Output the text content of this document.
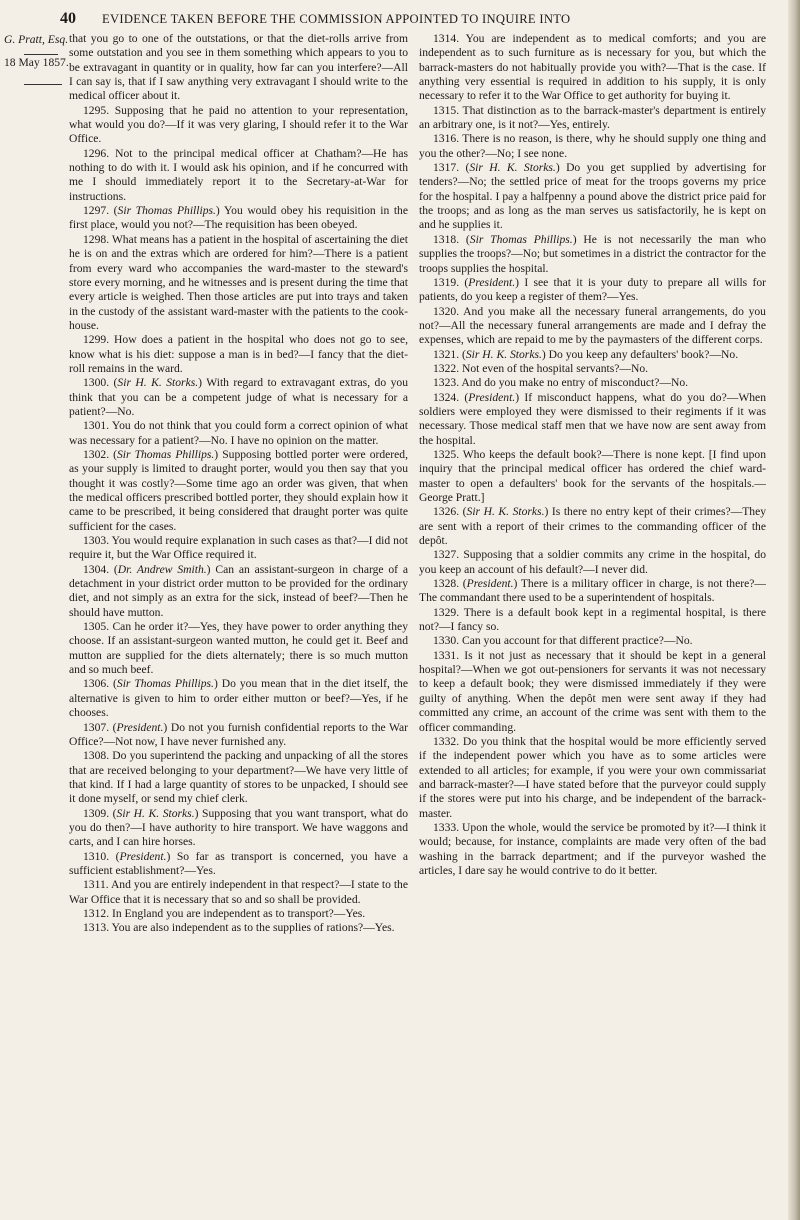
40 EVIDENCE TAKEN BEFORE THE COMMISSION APPOINTED TO INQUIRE INTO
G. Pratt, Esq.
18 May 1857.

that you go to one of the outstations, or that the diet-rolls arrive from some outstation and you see in them something which appears to you to be extravagant in quantity or in quality, how far can you interfere?—All I can say is, that if I saw anything very extravagant I should write to the medical officer about it.

1295. Supposing that he paid no attention to your representation, what would you do?—If it was very glaring, I should refer it to the War Office.

1296. Not to the principal medical officer at Chatham?—He has nothing to do with it. I would ask his opinion, and if he concurred with me I should immediately report it to the Secretary-at-War for instructions.

1297. (Sir Thomas Phillips.) You would obey his requisition in the first place, would you not?—The requisition has been obeyed.

1298. What means has a patient in the hospital of ascertaining the diet he is on and the extras which are ordered for him?—There is a patient from every ward who accompanies the ward-master to the steward's store every morning, and he witnesses and is present during the time that every article is weighed. Then those articles are put into trays and taken in the custody of the assistant ward-master with the patients to the cook-house.

1299. How does a patient in the hospital who does not go to see, know what is his diet: suppose a man is in bed?—I fancy that the diet-roll remains in the ward.

1300. (Sir H. K. Storks.) With regard to extravagant extras, do you think that you can be a competent judge of what is necessary for a patient?—No.

1301. You do not think that you could form a correct opinion of what was necessary for a patient?—No. I have no opinion on the matter.

1302. (Sir Thomas Phillips.) Supposing bottled porter were ordered, as your supply is limited to draught porter, would you then say that you thought it was costly?—Some time ago an order was given, that when the medical officers prescribed bottled porter, they should explain how it came to be prescribed, it being considered that draught porter was quite sufficient for the cases.

1303. You would require explanation in such cases as that?—I did not require it, but the War Office required it.

1304. (Dr. Andrew Smith.) Can an assistant-surgeon in charge of a detachment in your district order mutton to be provided for the ordinary diet, and not simply as an extra for the sick, instead of beef?—Then he should have mutton.

1305. Can he order it?—Yes, they have power to order anything they choose. If an assistant-surgeon wanted mutton, he could get it. Beef and mutton are supplied for the diets alternately; there is so much mutton and so much beef.

1306. (Sir Thomas Phillips.) Do you mean that in the diet itself, the alternative is given to him to order either mutton or beef?—Yes, if he chooses.

1307. (President.) Do not you furnish confidential reports to the War Office?—Not now, I have never furnished any.

1308. Do you superintend the packing and unpacking of all the stores that are received belonging to your department?—We have very little of that kind. If I had a large quantity of stores to be unpacked, I should see it done myself, or send my chief clerk.

1309. (Sir H. K. Storks.) Supposing that you want transport, what do you do then?—I have authority to hire transport. We have waggons and carts, and I can hire horses.

1310. (President.) So far as transport is concerned, you have a sufficient establishment?—Yes.

1311. And you are entirely independent in that respect?—I state to the War Office that it is necessary that so and so shall be provided.

1312. In England you are independent as to transport?—Yes.

1313. You are also independent as to the supplies of rations?—Yes.

1314. You are independent as to medical comforts; and you are independent as to such furniture as is necessary for you, but which the barrack-masters do not habitually provide you with?—That is the case. If anything very essential is required in addition to his supply, it is only necessary to refer it to the War Office to get authority for buying it.

1315. That distinction as to the barrack-master's department is entirely an arbitrary one, is it not?—Yes, entirely.

1316. There is no reason, is there, why he should supply one thing and you the other?—No; I see none.

1317. (Sir H. K. Storks.) Do you get supplied by advertising for tenders?—No; the settled price of meat for the troops governs my price for the hospital. I pay a halfpenny a pound above the district price paid for the troops; and as long as the man serves us satisfactorily, he is kept on and he supplies it.

1318. (Sir Thomas Phillips.) He is not necessarily the man who supplies the troops?—No; but sometimes in a district the contractor for the troops supplies the hospital.

1319. (President.) I see that it is your duty to prepare all wills for patients, do you keep a register of them?—Yes.

1320. And you make all the necessary funeral arrangements, do you not?—All the necessary funeral arrangements are made and I defray the expenses, which are repaid to me by the paymasters of the different corps.

1321. (Sir H. K. Storks.) Do you keep any defaulters' book?—No.

1322. Not even of the hospital servants?—No.

1323. And do you make no entry of misconduct?—No.

1324. (President.) If misconduct happens, what do you do?—When soldiers were employed they were dismissed to their regiments if it was necessary. Those medical staff men that we have now are sent away from the hospital.

1325. Who keeps the default book?—There is none kept. [I find upon inquiry that the principal medical officer has ordered the chief ward-master to open a defaulters' book for the servants of the hospitals.—George Pratt.]

1326. (Sir H. K. Storks.) Is there no entry kept of their crimes?—They are sent with a report of their crimes to the commanding officer of the depôt.

1327. Supposing that a soldier commits any crime in the hospital, do you keep an account of his default?—I never did.

1328. (President.) There is a military officer in charge, is not there?—The commandant there used to be a superintendent of hospitals.

1329. There is a default book kept in a regimental hospital, is there not?—I fancy so.

1330. Can you account for that different practice?—No.

1331. Is it not just as necessary that it should be kept in a general hospital?—When we got out-pensioners for servants it was not necessary to keep a default book; they were dismissed immediately if they were guilty of anything. When the depôt men were sent away if they had committed any crime, an account of the crime was sent with them to the officer commanding.

1332. Do you think that the hospital would be more efficiently served if the independent power which you have as to some articles were extended to all articles; for example, if you were your own commissariat and barrack-master?—I have stated before that the purveyor could supply if the stores were put into his charge, and be independent of the barrack-master.

1333. Upon the whole, would the service be promoted by it?—I think it would; because, for instance, complaints are made very often of the bad washing in the barrack department; and if the purveyor washed the articles, I dare say he would contrive to do it better.
